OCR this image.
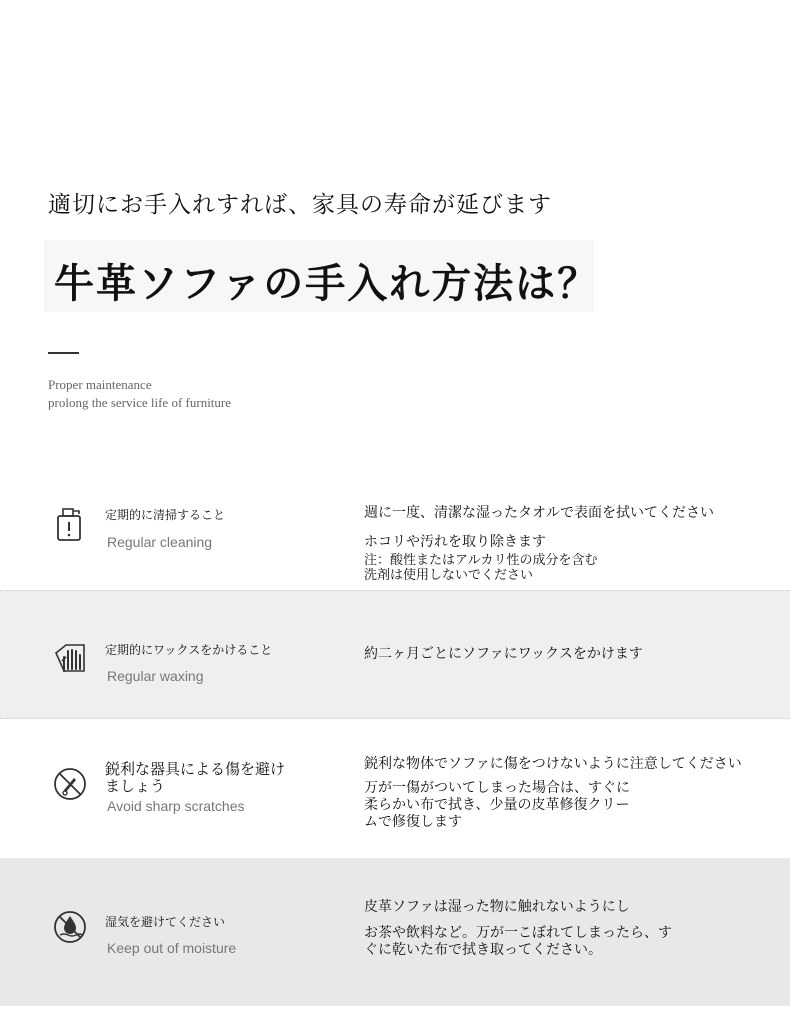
適切にお手入れすれば、家具の寿命が延びます
牛革ソファの手入れ方法は？
Proper maintenance
prolong the service life of furniture
定期的に清掃すること
Regular cleaning
週に一度、清潔な湿ったタオルで表面を拭いてください
ホコリや汚れを取り除きます
注：酸性またはアルカリ性の成分を含む
洗剤は使用しないでください
定期的にワックスをかけること
Regular waxing
約二ヶ月ごとにソファにワックスをかけます
鋭利な器具による傷を避けましょう
Avoid sharp scratches
鋭利な物体でソファに傷をつけないように注意してください
万が一傷がついてしまった場合は、すぐに柔らかい布で拭き、少量の皮革修復クリームで修復します
湿気を避けてください
Keep out of moisture
皮革ソファは湿った物に触れないようにし
お茶や飲料など。万が一こぼれてしまったら、すぐに乾いた布で拭き取ってください。
